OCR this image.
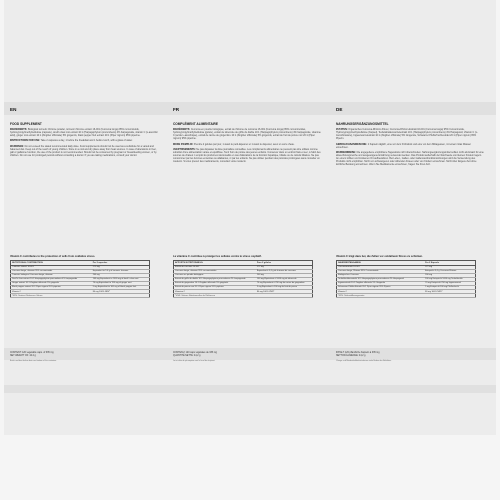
EN
FOOD SUPPLEMENT

INGREDIENTS: Biological turmeric rhizome powder, turmeric rhizome extract 16-001 (Curcuma longa) 95% curcuminoids, hydroxypropylmethylcellulose (capsule), devil's claw root extract 10:1 (Harpagophytum procumbens) 4% harpagoside, vitamin C (L-ascorbic acid), ginger root extract 10:1 (Zingiber officinale) 5% gingerols, black pepper fruit extract 20:1 (Piper nigrum) 95% piperine.

INSTRUCTIONS FOR USE: Take 2 capsules a day, 1 before the breakfast and 1 before lunch, with a glass of water.

WARNINGS: Do not exceed the stated recommended daily dose. Food supplements should not be used as a substitute for a varied and balanced diet. Keep out of the reach of young children. Store in a cool and dry place away from heat sources. In case of alterations in liver, gall or gallstone function, the use of the product is not recommended. Should not be consumed by pregnant or breastfeeding women, or by children. Do not use for prolonged periods without consulting a doctor. If you are taking medications, consult your doctor.

Vitamin C contributes to the protection of cells from oxidative stress.
NUTRITIONAL CONTRIBUTION:	Per 2 capsules
Turmeric extract 16-001	272 mg
Curcuma longa, rhizome 95% curcuminoids	Equivalent to 5.4 g of turmeric rhizome
Turmeric biological Curcuma longa, rhizome	200 mg
Devil's claw extract 10:1 Harpagophytum procumbens 4% harpagoside	100 mg Equivalent to 1000 mg of devil's claw root
Ginger extract 10:1 Zingiber officinale 5% gingerols	70 mg Equivalent to 700 mg of ginger root
Black pepper extract 20:1 Piper nigrum 95% piperine	5 mg Equivalent to 100 mg of black pepper fruit
Vitamin C	80 mg 100% NRV*
*NRV: Nutrient Reference Values	
CONTENT: 120 vegetable caps. of 335 mg
NET WEIGHT OF: 44.2 g
Batch and best before date see bottom of the container.
FR
COMPLÉMENT ALIMENTAIRE

INGRÉDIENTS: Curcuma en poudre biologique, extrait de rhizome de curcuma 16-001 (Curcuma longa) 95% curcuminoïdes, hydroxypropylméthylcellulose (gélule), extrait de tubercule de griffe du diable 10:1 (Harpagophytum procumbens) 4% harpagoside, vitamine C (acide L-ascorbique), extrait de racine de gingembre 10:1 (Zingiber officinale) 5% gingérols, extrait de fruit de poivre noir 20:1 (Piper nigrum) 95% pipérine.

MODE D'EMPLOI: Prendre 2 gélules par jour, 1 avant le petit-déjeuner et 1 avant le déjeuner, avec un verre d'eau.

AVERTISSEMENTS: Ne pas dépasser la dose journalière conseillée. Les compléments alimentaires ne peuvent pas être utilisés comme substitut d'une alimentation variée et équilibrée. Tenir hors de portée des jeunes enfants. Conserver dans un endroit frais et sec, à l'abri des sources de chaleur. L'emploi du produit est déconseillé en cas d'altérations de la fonction hépatique, biliaire ou de calculs biliaires. Ne pas consommer par les femmes enceintes ou allaitantes, ni par les enfants. Ne pas utiliser pendant des périodes prolongées sans consulter un médecin. Si vous prenez des médicaments, consultez votre médecin.

La vitamine C contribue à protéger les cellules contre le stress oxydatif.
APPORTS NUTRITIONNELS:	Pour 2 gélules
Extrait de curcuma 16-001	272 mg
Curcuma longa, rhizome 95% curcuminoïdes	Équivalent à 5,4 g de rhizome de curcuma
Curcuma en poudre biologique	200 mg
Extrait de griffe du diable 10:1 Harpagophytum procumbens 4% harpagoside	100 mg Équivalent à 1000 mg de tubercule
Extrait de gingembre 10:1 Zingiber officinale 5% gingérols	70 mg Équivalent à 700 mg de racine de gingembre
Extrait de poivre noir 20:1 Piper nigrum 95% pipérine	5 mg Équivalent à 100 mg de fruit de poivre
Vitamine C	80 mg 100% VNR*
*VNR: Valeurs Nutritionnelles de Référence	
CONTENU: 120 caps végétales de 335 mg
QUANTITÉ NETTE: 44,2 g
Lot et date de péremption voir le fond du récipient.
DE
NAHRUNGSERGÄNZUNGSMITTEL

ZUTATEN: Organisches Curcuma-Rhizom-Pulver, Curcuma-Rhizom-Extrakt 16-001 (Curcuma longa) 95% Curcuminoide, Hydroxypropylmethylcellulose (Kapsel), Teufelskrallenwurzelextrakt 10:1 (Harpagophytum procumbens) 4% Harpagosid, Vitamin C (L-Ascorbinsäure), Ingwerwurzelextrakt 10:1 (Zingiber officinale) 5% Gingerole, Schwarzer Pfefferfruchtextrakt 20:1 (Piper nigrum) 95% Piperin.

GEBRAUCHSANWEISUNG: 2 Kapseln täglich, eine vor dem Frühstück und eine vor dem Mittagessen, mit einem Glas Wasser einnehmen.

WARNHINWEISE: Die angegebene empfohlene Tagesdosis nicht überschreiten. Nahrungsergänzungsmittel sollten nicht als Ersatz für eine abwechslungsreiche und ausgewogene Ernährung verwendet werden. Das Produkt außerhalb der Reichweite von kleinen Kindern lagern. An einem kühlen und trockenen Ort aufbewahren. Bei Leber-, Gallen- oder Gallensteinfunktionsstörungen wird die Verwendung des Produkts nicht empfohlen. Nicht von schwangeren oder stillenden Frauen oder von Kindern einnehmen. Nicht über längere Zeit ohne ärztliche Beratung einnehmen. Wenn Sie Medikamente einnehmen, fragen Sie Ihren Arzt.

Vitamin C trägt dazu bei, die Zellen vor oxidativem Stress zu schützen.
NÄHRWERTANGABEN:	Pro 2 Kapseln
Curcumaextrakt 16-001	272 mg
Curcuma longa, Rhizom 95% Curcuminoide	Entspricht 5,4 g Curcuma-Rhizom
Biologisches Curcuma	200 mg
Teufelskrallenextrakt 10:1 Harpagophytum procumbens 4% Harpagosid	100 mg Entspricht 1000 mg Teufelskralle
Ingwerextrakt 10:1 Zingiber officinale 5% Gingerole	70 mg Entspricht 700 mg Ingwerwurzel
Schwarzer Pfeffer-Extrakt 20:1 Piper nigrum 95% Piperin	5 mg Entspricht 100 mg Pfefferfrucht
Vitamin C	80 mg 100% NRV*
*NRV: Nährstoffbezugswerte	
INHALT: 120 pflanzliche Kapseln à 335 mg
NETTOFÜLLMENGE: 44,2 g
Charge und Mindesthaltbarkeitsdatum siehe Boden des Behälters.
